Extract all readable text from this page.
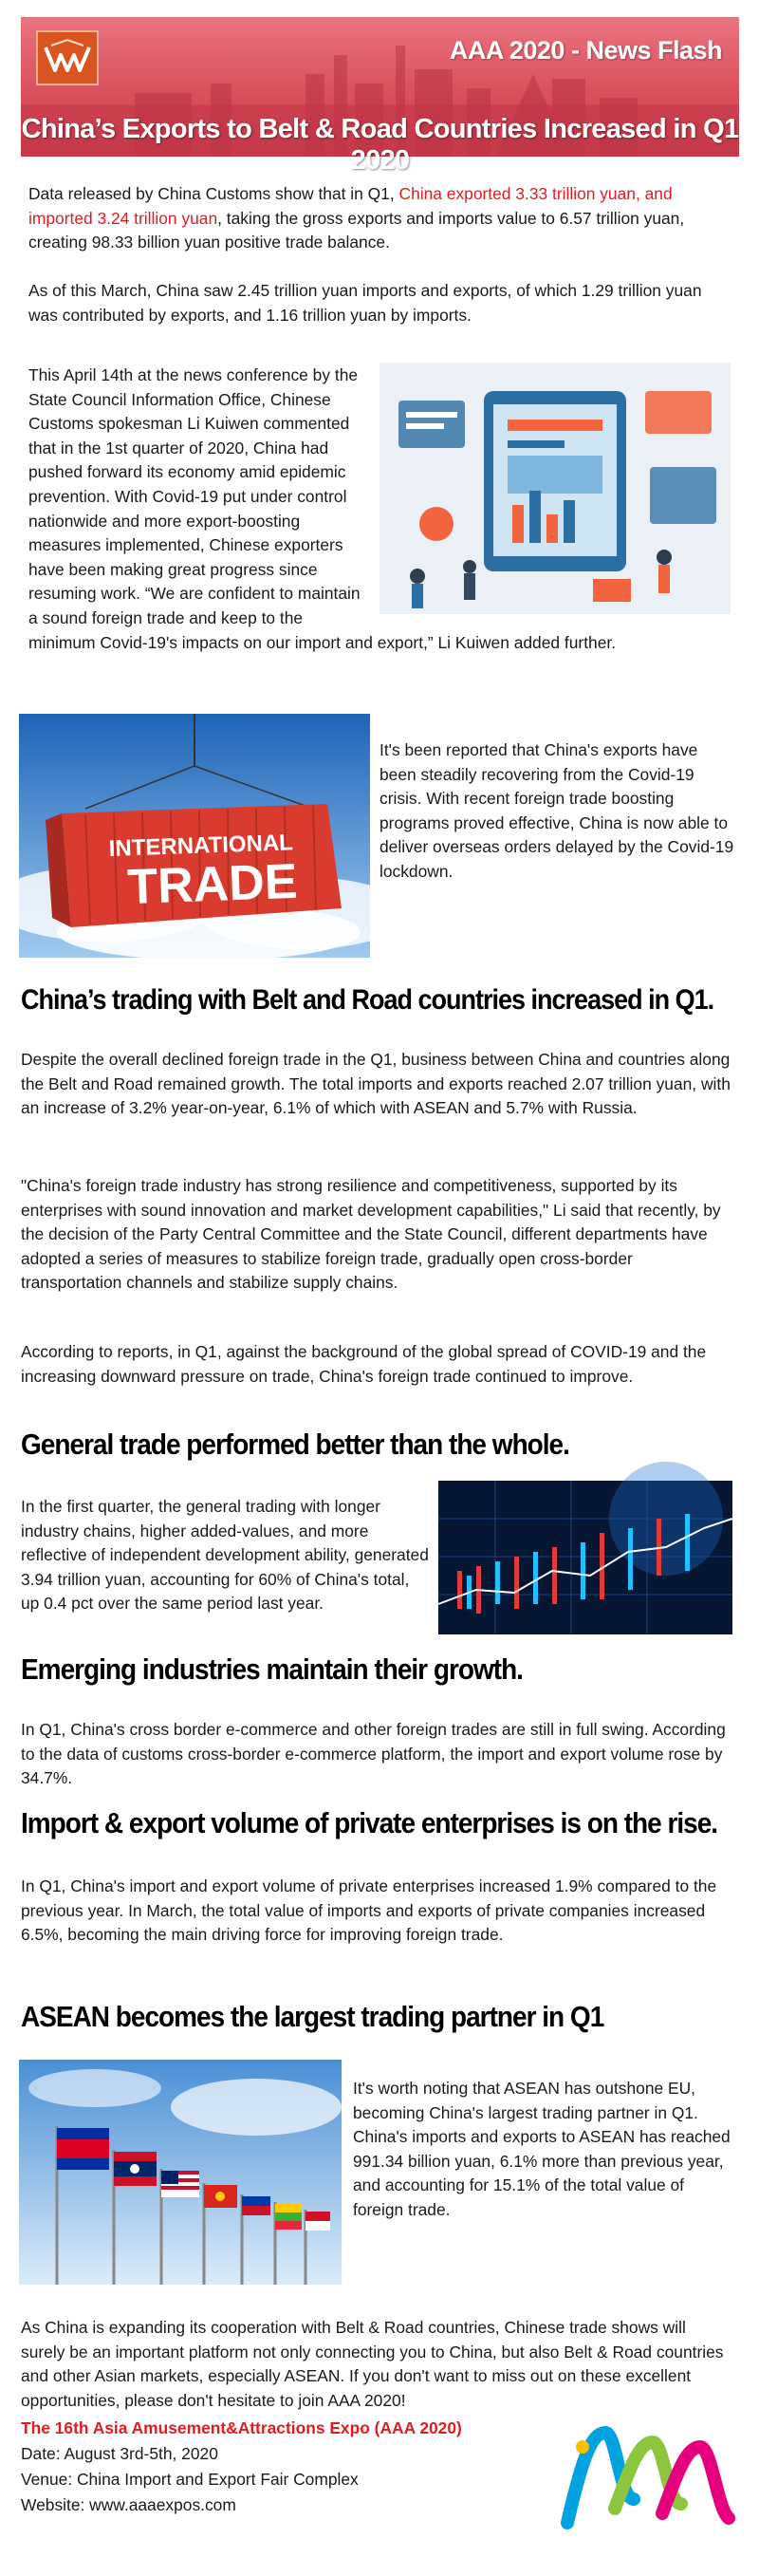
AAA 2020 - News Flash
China’s Exports to Belt & Road Countries Increased in Q1 2020

Data released by China Customs show that in Q1, China exported 3.33 trillion yuan, and imported 3.24 trillion yuan, taking the gross exports and imports value to 6.57 trillion yuan, creating 98.33 billion yuan positive trade balance.

As of this March, China saw 2.45 trillion yuan imports and exports, of which 1.29 trillion yuan was contributed by exports, and 1.16 trillion yuan by imports.

This April 14th at the news conference by the State Council Information Office, Chinese Customs spokesman Li Kuiwen commented that in the 1st quarter of 2020, China had pushed forward its economy amid epidemic prevention. With Covid-19 put under control nationwide and more export-boosting measures implemented, Chinese exporters have been making great progress since resuming work. “We are confident to maintain a sound foreign trade and keep to the minimum Covid-19's impacts on our import and export,” Li Kuiwen added further.

INTERNATIONAL
TRADE

It's been reported that China's exports have been steadily recovering from the Covid-19 crisis. With recent foreign trade boosting programs proved effective, China is now able to deliver overseas orders delayed by the Covid-19 lockdown.

China’s trading with Belt and Road countries increased in Q1.

Despite the overall declined foreign trade in the Q1, business between China and countries along the Belt and Road remained growth. The total imports and exports reached 2.07 trillion yuan, with an increase of 3.2% year-on-year, 6.1% of which with ASEAN and 5.7% with Russia.

"China's foreign trade industry has strong resilience and competitiveness, supported by its enterprises with sound innovation and market development capabilities," Li said that recently, by the decision of the Party Central Committee and the State Council, different departments have adopted a series of measures to stabilize foreign trade, gradually open cross-border transportation channels and stabilize supply chains.

According to reports, in Q1, against the background of the global spread of COVID-19 and the increasing downward pressure on trade, China's foreign trade continued to improve.

General trade performed better than the whole.

In the first quarter, the general trading with longer industry chains, higher added-values, and more reflective of independent development ability, generated 3.94 trillion yuan, accounting for 60% of China's total, up 0.4 pct over the same period last year.

Emerging industries maintain their growth.

In Q1, China's cross border e-commerce and other foreign trades are still in full swing. According to the data of customs cross-border e-commerce platform, the import and export volume rose by 34.7%.

Import & export volume of private enterprises is on the rise.

In Q1, China's import and export volume of private enterprises increased 1.9% compared to the previous year. In March, the total value of imports and exports of private companies increased 6.5%, becoming the main driving force for improving foreign trade.

ASEAN becomes the largest trading partner in Q1

It's worth noting that ASEAN has outshone EU, becoming China's largest trading partner in Q1. China's imports and exports to ASEAN has reached 991.34 billion yuan, 6.1% more than previous year, and accounting for 15.1% of the total value of foreign trade.

As China is expanding its cooperation with Belt & Road countries, Chinese trade shows will surely be an important platform not only connecting you to China, but also Belt & Road countries and other Asian markets, especially ASEAN. If you don't want to miss out on these excellent opportunities, please don't hesitate to join AAA 2020!

The 16th Asia Amusement&Attractions Expo (AAA 2020)

Date: August 3rd-5th, 2020

Venue: China Import and Export Fair Complex

Website: www.aaaexpos.com
